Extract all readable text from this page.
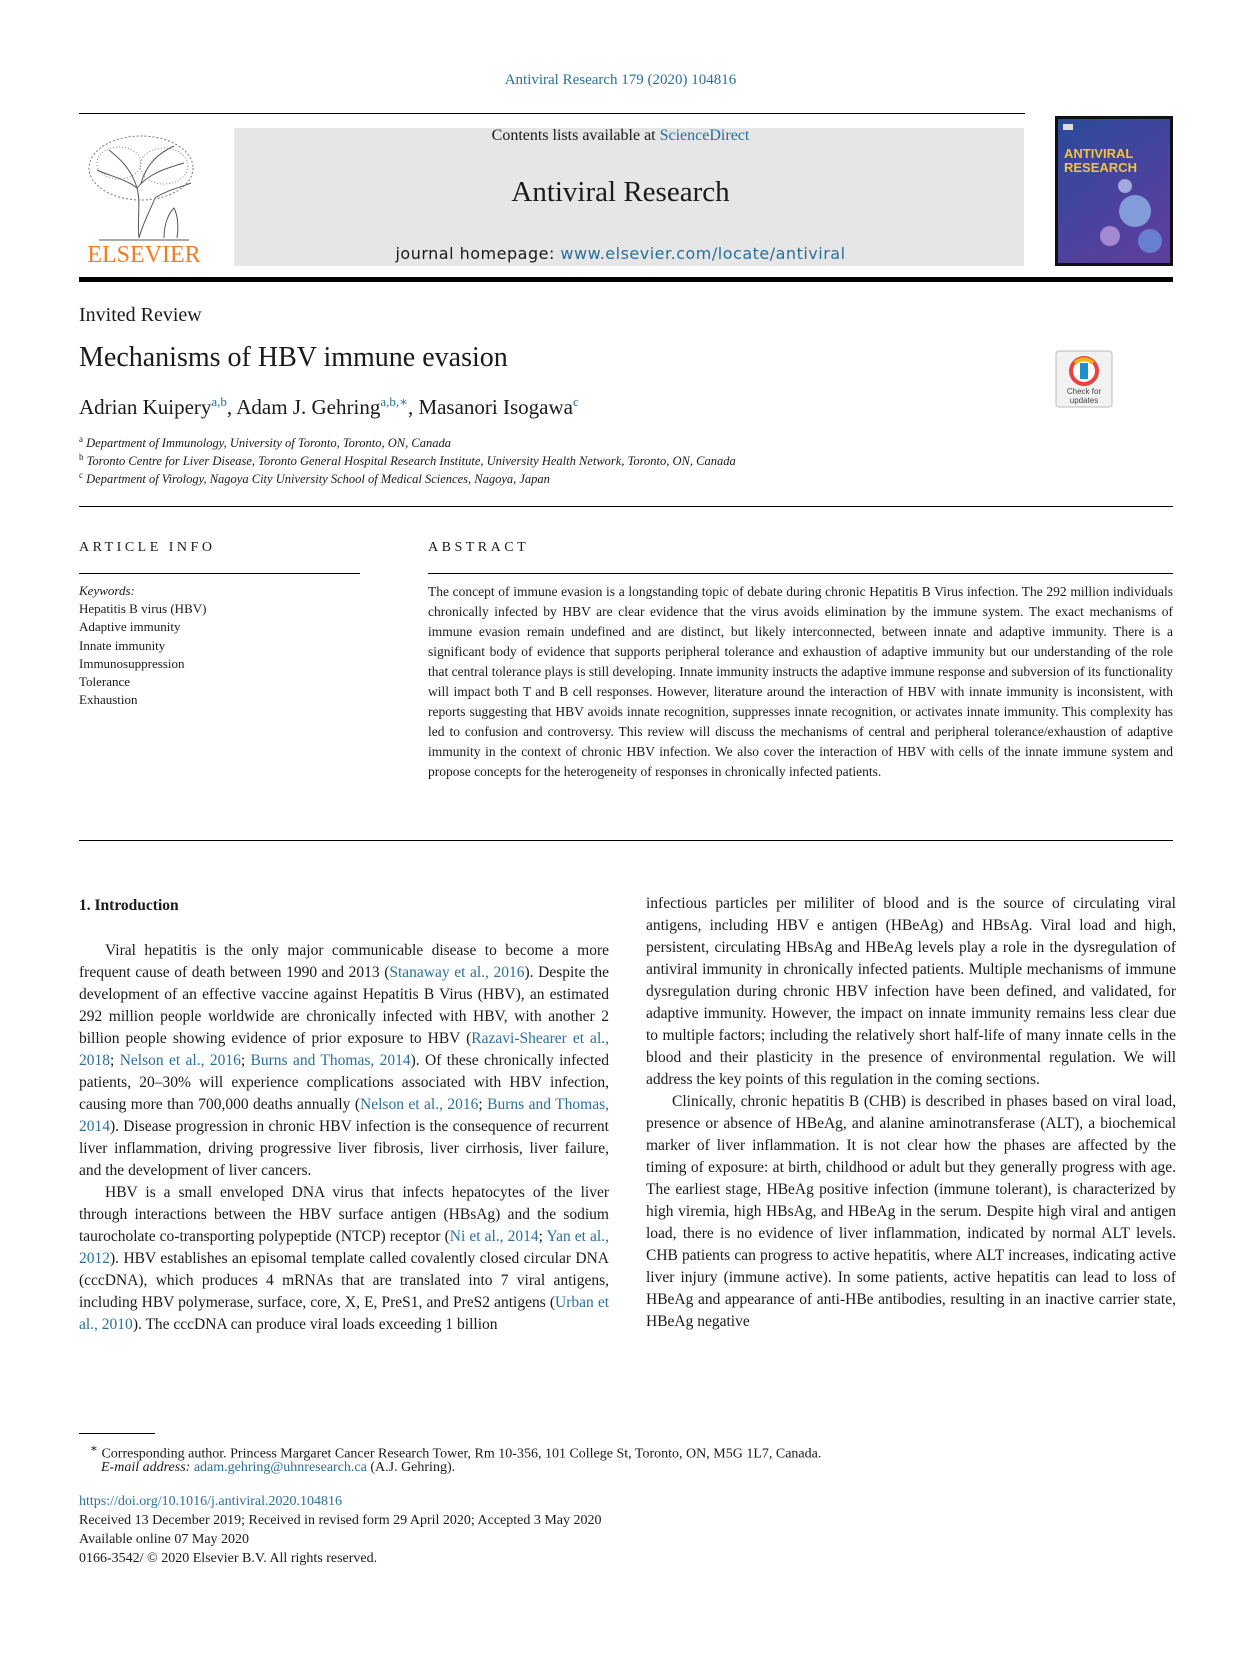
Antiviral Research 179 (2020) 104816
ELSEVIER
Contents lists available at ScienceDirect
Antiviral Research
journal homepage: www.elsevier.com/locate/antiviral
ANTIVIRAL
RESEARCH
Invited Review
Mechanisms of HBV immune evasion
Check for
updates
Adrian Kuipery$^{a,b}$, Adam J. Gehring$^{a,b,∗}$, Masanori Isogawa$^c$
$^a$ Department of Immunology, University of Toronto, Toronto, ON, Canada
$^b$ Toronto Centre for Liver Disease, Toronto General Hospital Research Institute, University Health Network, Toronto, ON, Canada
$^c$ Department of Virology, Nagoya City University School of Medical Sciences, Nagoya, Japan
ARTICLE INFO	ABSTRACT
Keywords:
Hepatitis B virus (HBV)
Adaptive immunity
Innate immunity
Immunosuppression
Tolerance
Exhaustion

The concept of immune evasion is a longstanding topic of debate during chronic Hepatitis B Virus infection. The 292 million individuals chronically infected by HBV are clear evidence that the virus avoids elimination by the immune system. The exact mechanisms of immune evasion remain undefined and are distinct, but likely interconnected, between innate and adaptive immunity. There is a significant body of evidence that supports peripheral tolerance and exhaustion of adaptive immunity but our understanding of the role that central tolerance plays is still developing. Innate immunity instructs the adaptive immune response and subversion of its functionality will impact both T and B cell responses. However, literature around the interaction of HBV with innate immunity is inconsistent, with reports suggesting that HBV avoids innate recognition, suppresses innate recognition, or activates innate immunity. This complexity has led to confusion and controversy. This review will discuss the mechanisms of central and peripheral tolerance/exhaustion of adaptive immunity in the context of chronic HBV infection. We also cover the interaction of HBV with cells of the innate immune system and propose concepts for the heterogeneity of responses in chronically infected patients.

1. Introduction

Viral hepatitis is the only major communicable disease to become a more frequent cause of death between 1990 and 2013 (Stanaway et al., 2016). Despite the development of an effective vaccine against Hepatitis B Virus (HBV), an estimated 292 million people worldwide are chronically infected with HBV, with another 2 billion people showing evidence of prior exposure to HBV (Razavi-Shearer et al., 2018; Nelson et al., 2016; Burns and Thomas, 2014). Of these chronically infected patients, 20–30% will experience complications associated with HBV infection, causing more than 700,000 deaths annually (Nelson et al., 2016; Burns and Thomas, 2014). Disease progression in chronic HBV infection is the consequence of recurrent liver inflammation, driving progressive liver fibrosis, liver cirrhosis, liver failure, and the development of liver cancers.

HBV is a small enveloped DNA virus that infects hepatocytes of the liver through interactions between the HBV surface antigen (HBsAg) and the sodium taurocholate co-transporting polypeptide (NTCP) receptor (Ni et al., 2014; Yan et al., 2012). HBV establishes an episomal template called covalently closed circular DNA (cccDNA), which produces 4 mRNAs that are translated into 7 viral antigens, including HBV polymerase, surface, core, X, E, PreS1, and PreS2 antigens (Urban et al., 2010). The cccDNA can produce viral loads exceeding 1 billion

infectious particles per mililiter of blood and is the source of circulating viral antigens, including HBV e antigen (HBeAg) and HBsAg. Viral load and high, persistent, circulating HBsAg and HBeAg levels play a role in the dysregulation of antiviral immunity in chronically infected patients. Multiple mechanisms of immune dysregulation during chronic HBV infection have been defined, and validated, for adaptive immunity. However, the impact on innate immunity remains less clear due to multiple factors; including the relatively short half-life of many innate cells in the blood and their plasticity in the presence of environmental regulation. We will address the key points of this regulation in the coming sections.

Clinically, chronic hepatitis B (CHB) is described in phases based on viral load, presence or absence of HBeAg, and alanine aminotransferase (ALT), a biochemical marker of liver inflammation. It is not clear how the phases are affected by the timing of exposure: at birth, childhood or adult but they generally progress with age. The earliest stage, HBeAg positive infection (immune tolerant), is characterized by high viremia, high HBsAg, and HBeAg in the serum. Despite high viral and antigen load, there is no evidence of liver inflammation, indicated by normal ALT levels. CHB patients can progress to active hepatitis, where ALT increases, indicating active liver injury (immune active). In some patients, active hepatitis can lead to loss of HBeAg and appearance of anti-HBe antibodies, resulting in an inactive carrier state, HBeAg negative

∗ Corresponding author. Princess Margaret Cancer Research Tower, Rm 10-356, 101 College St, Toronto, ON, M5G 1L7, Canada.
E-mail address: adam.gehring@uhnresearch.ca (A.J. Gehring).
https://doi.org/10.1016/j.antiviral.2020.104816
Received 13 December 2019; Received in revised form 29 April 2020; Accepted 3 May 2020
Available online 07 May 2020
0166-3542/ © 2020 Elsevier B.V. All rights reserved.
